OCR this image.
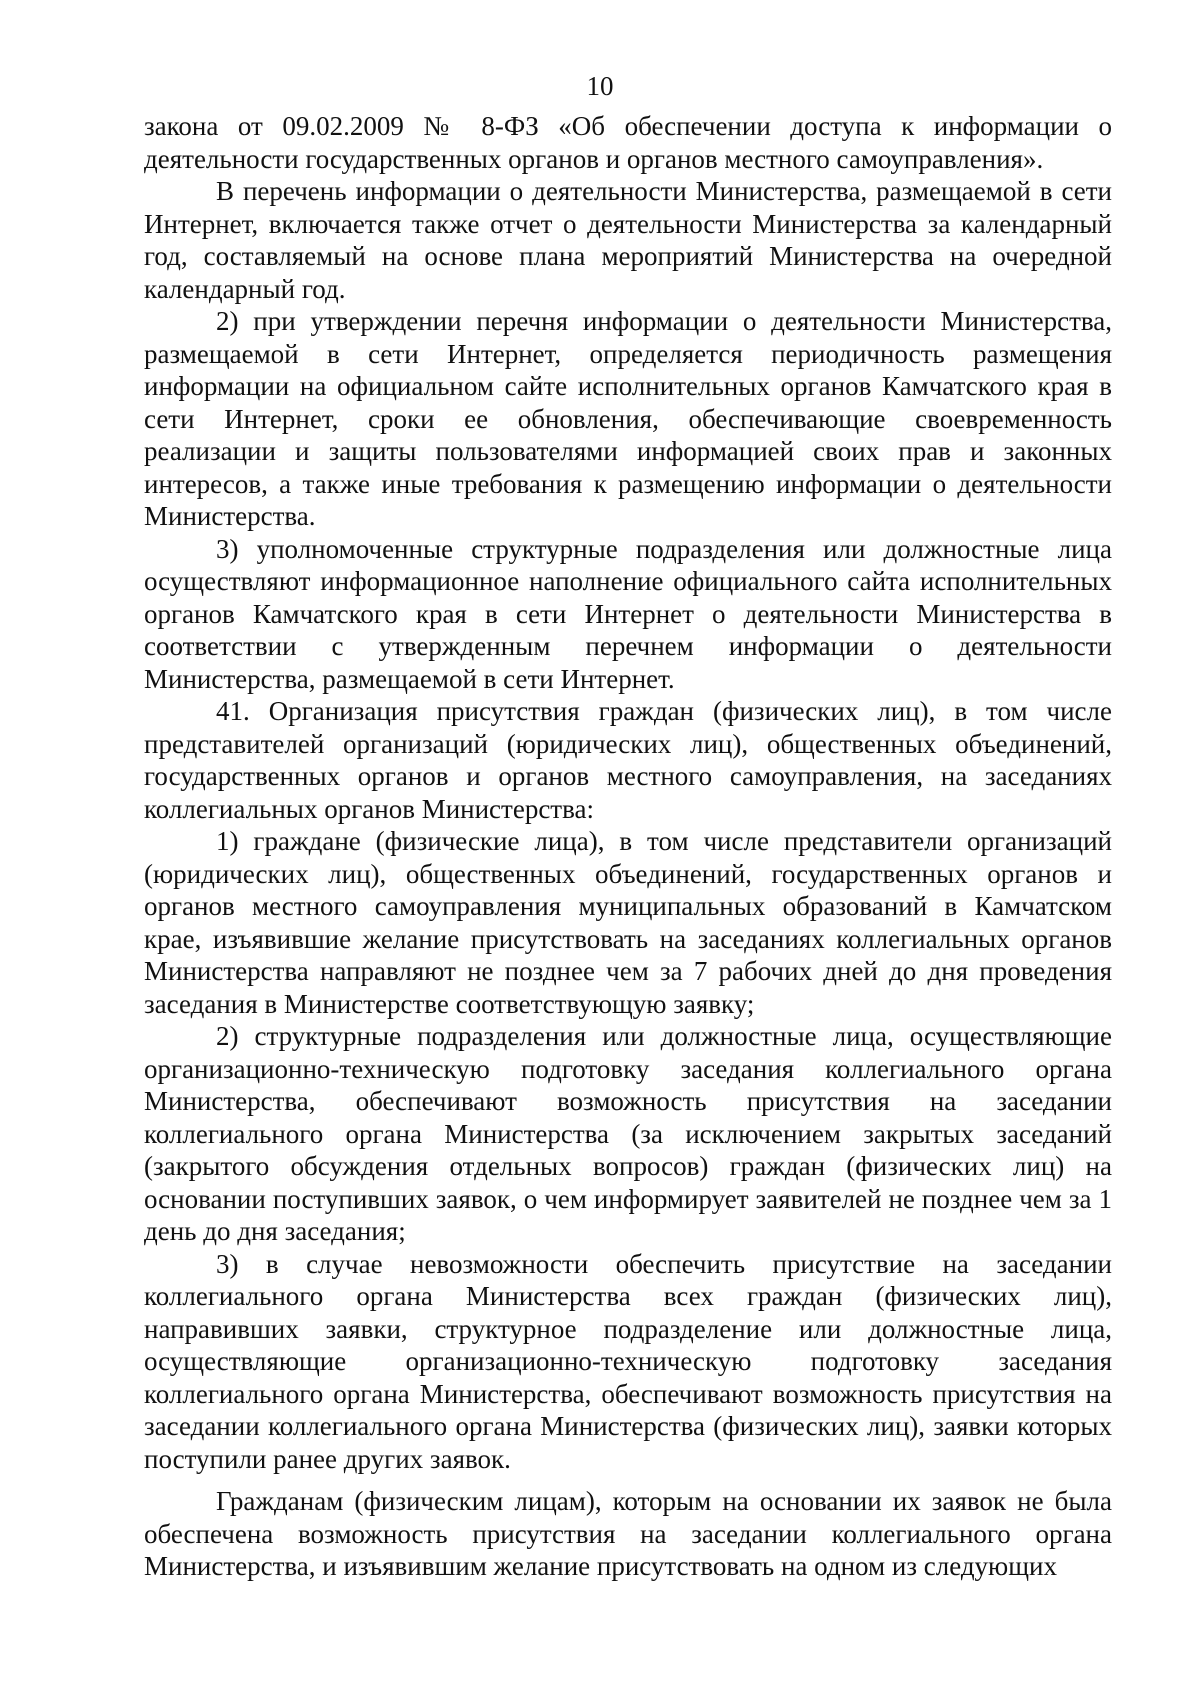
10

закона от 09.02.2009 № 8-ФЗ «Об обеспечении доступа к информации о деятельности государственных органов и органов местного самоуправления».

В перечень информации о деятельности Министерства, размещаемой в сети Интернет, включается также отчет о деятельности Министерства за календарный год, составляемый на основе плана мероприятий Министерства на очередной календарный год.

2) при утверждении перечня информации о деятельности Министерства, размещаемой в сети Интернет, определяется периодичность размещения информации на официальном сайте исполнительных органов Камчатского края в сети Интернет, сроки ее обновления, обеспечивающие своевременность реализации и защиты пользователями информацией своих прав и законных интересов, а также иные требования к размещению информации о деятельности Министерства.

3) уполномоченные структурные подразделения или должностные лица осуществляют информационное наполнение официального сайта исполнительных органов Камчатского края в сети Интернет о деятельности Министерства в соответствии с утвержденным перечнем информации о деятельности Министерства, размещаемой в сети Интернет.

41. Организация присутствия граждан (физических лиц), в том числе представителей организаций (юридических лиц), общественных объединений, государственных органов и органов местного самоуправления, на заседаниях коллегиальных органов Министерства:

1) граждане (физические лица), в том числе представители организаций (юридических лиц), общественных объединений, государственных органов и органов местного самоуправления муниципальных образований в Камчатском крае, изъявившие желание присутствовать на заседаниях коллегиальных органов Министерства направляют не позднее чем за 7 рабочих дней до дня проведения заседания в Министерстве соответствующую заявку;

2) структурные подразделения или должностные лица, осуществляющие организационно-техническую подготовку заседания коллегиального органа Министерства, обеспечивают возможность присутствия на заседании коллегиального органа Министерства (за исключением закрытых заседаний (закрытого обсуждения отдельных вопросов) граждан (физических лиц) на основании поступивших заявок, о чем информирует заявителей не позднее чем за 1 день до дня заседания;

3) в случае невозможности обеспечить присутствие на заседании коллегиального органа Министерства всех граждан (физических лиц), направивших заявки, структурное подразделение или должностные лица, осуществляющие организационно-техническую подготовку заседания коллегиального органа Министерства, обеспечивают возможность присутствия на заседании коллегиального органа Министерства (физических лиц), заявки которых поступили ранее других заявок.

Гражданам (физическим лицам), которым на основании их заявок не была обеспечена возможность присутствия на заседании коллегиального органа Министерства, и изъявившим желание присутствовать на одном из следующих
